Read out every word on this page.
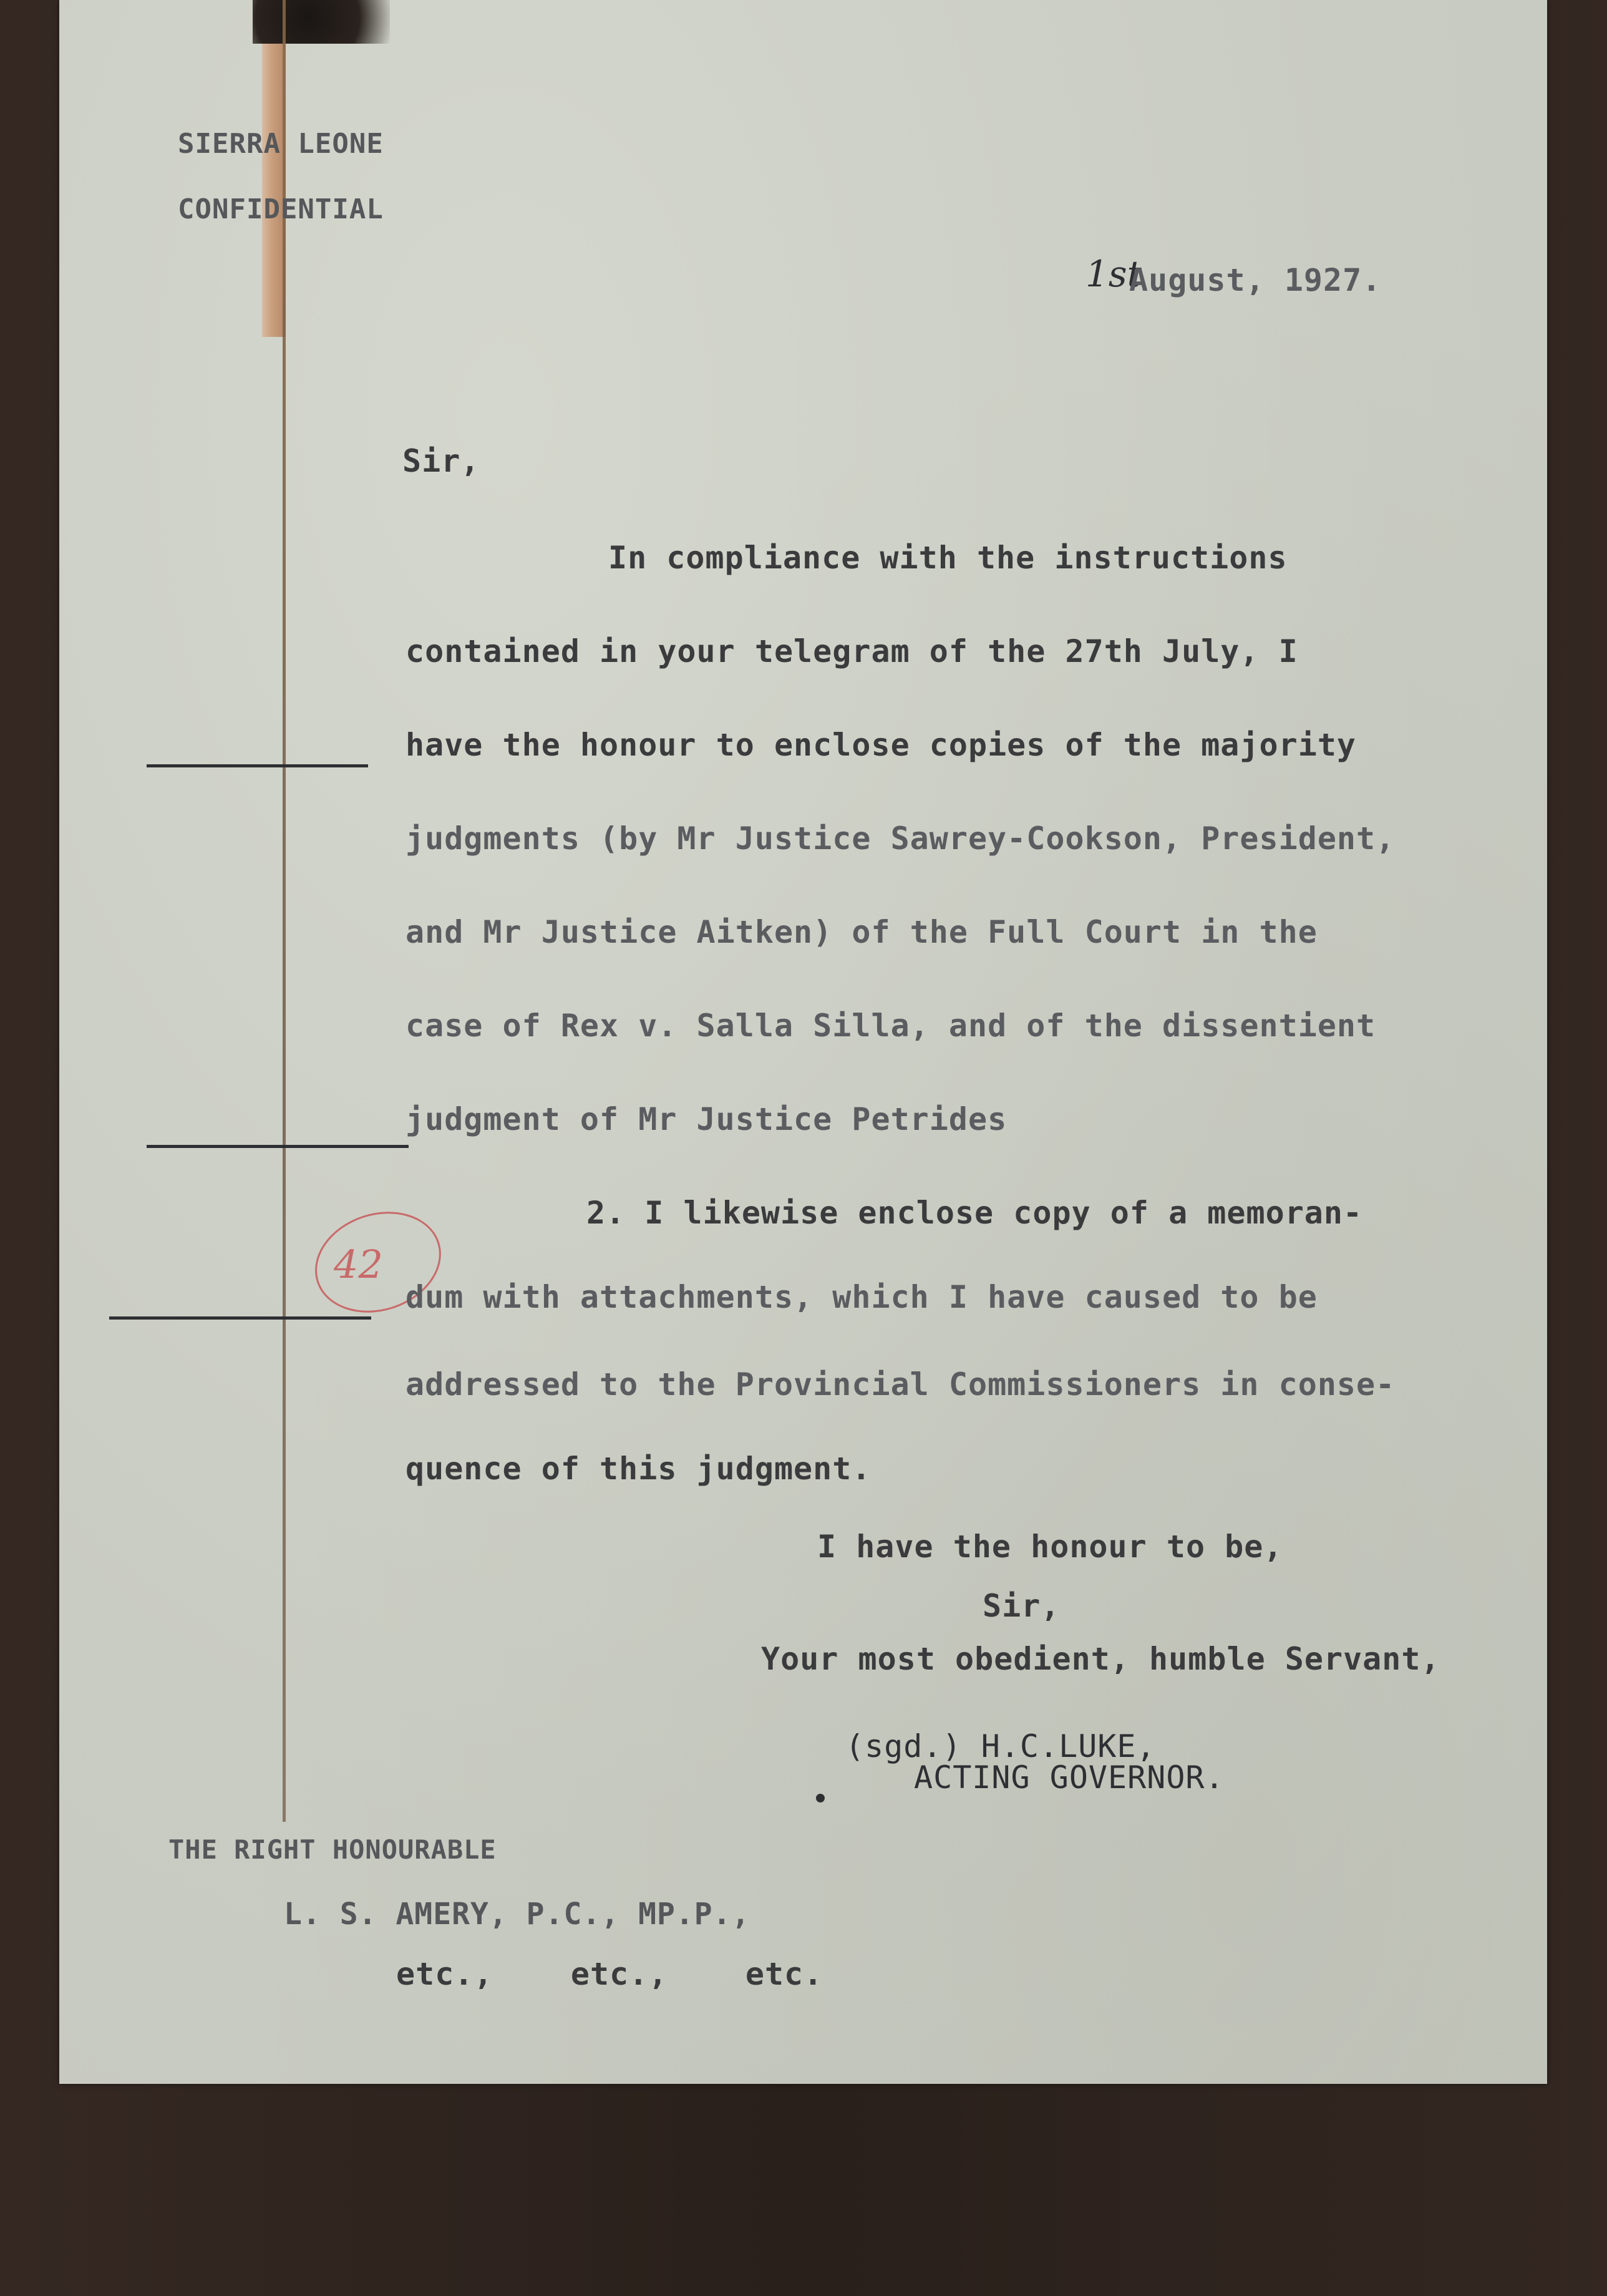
SIERRA LEONE
CONFIDENTIAL
1st
August, 1927.
Sir,
In compliance with the instructions
contained in your telegram of the 27th July, I
have the honour to enclose copies of the majority
judgments (by Mr Justice Sawrey-Cookson, President,
and Mr Justice Aitken) of the Full Court in the
case of Rex v. Salla Silla, and of the dissentient
judgment of Mr Justice Petrides
42
2. I likewise enclose copy of a memoran-
dum with attachments, which I have caused to be
addressed to the Provincial Commissioners in conse-
quence of this judgment.
I have the honour to be,
Sir,
Your most obedient, humble Servant,
(sgd.) H.C.LUKE,
ACTING GOVERNOR.
THE RIGHT HONOURABLE
L. S. AMERY, P.C., MP.P.,
etc.,    etc.,    etc.
